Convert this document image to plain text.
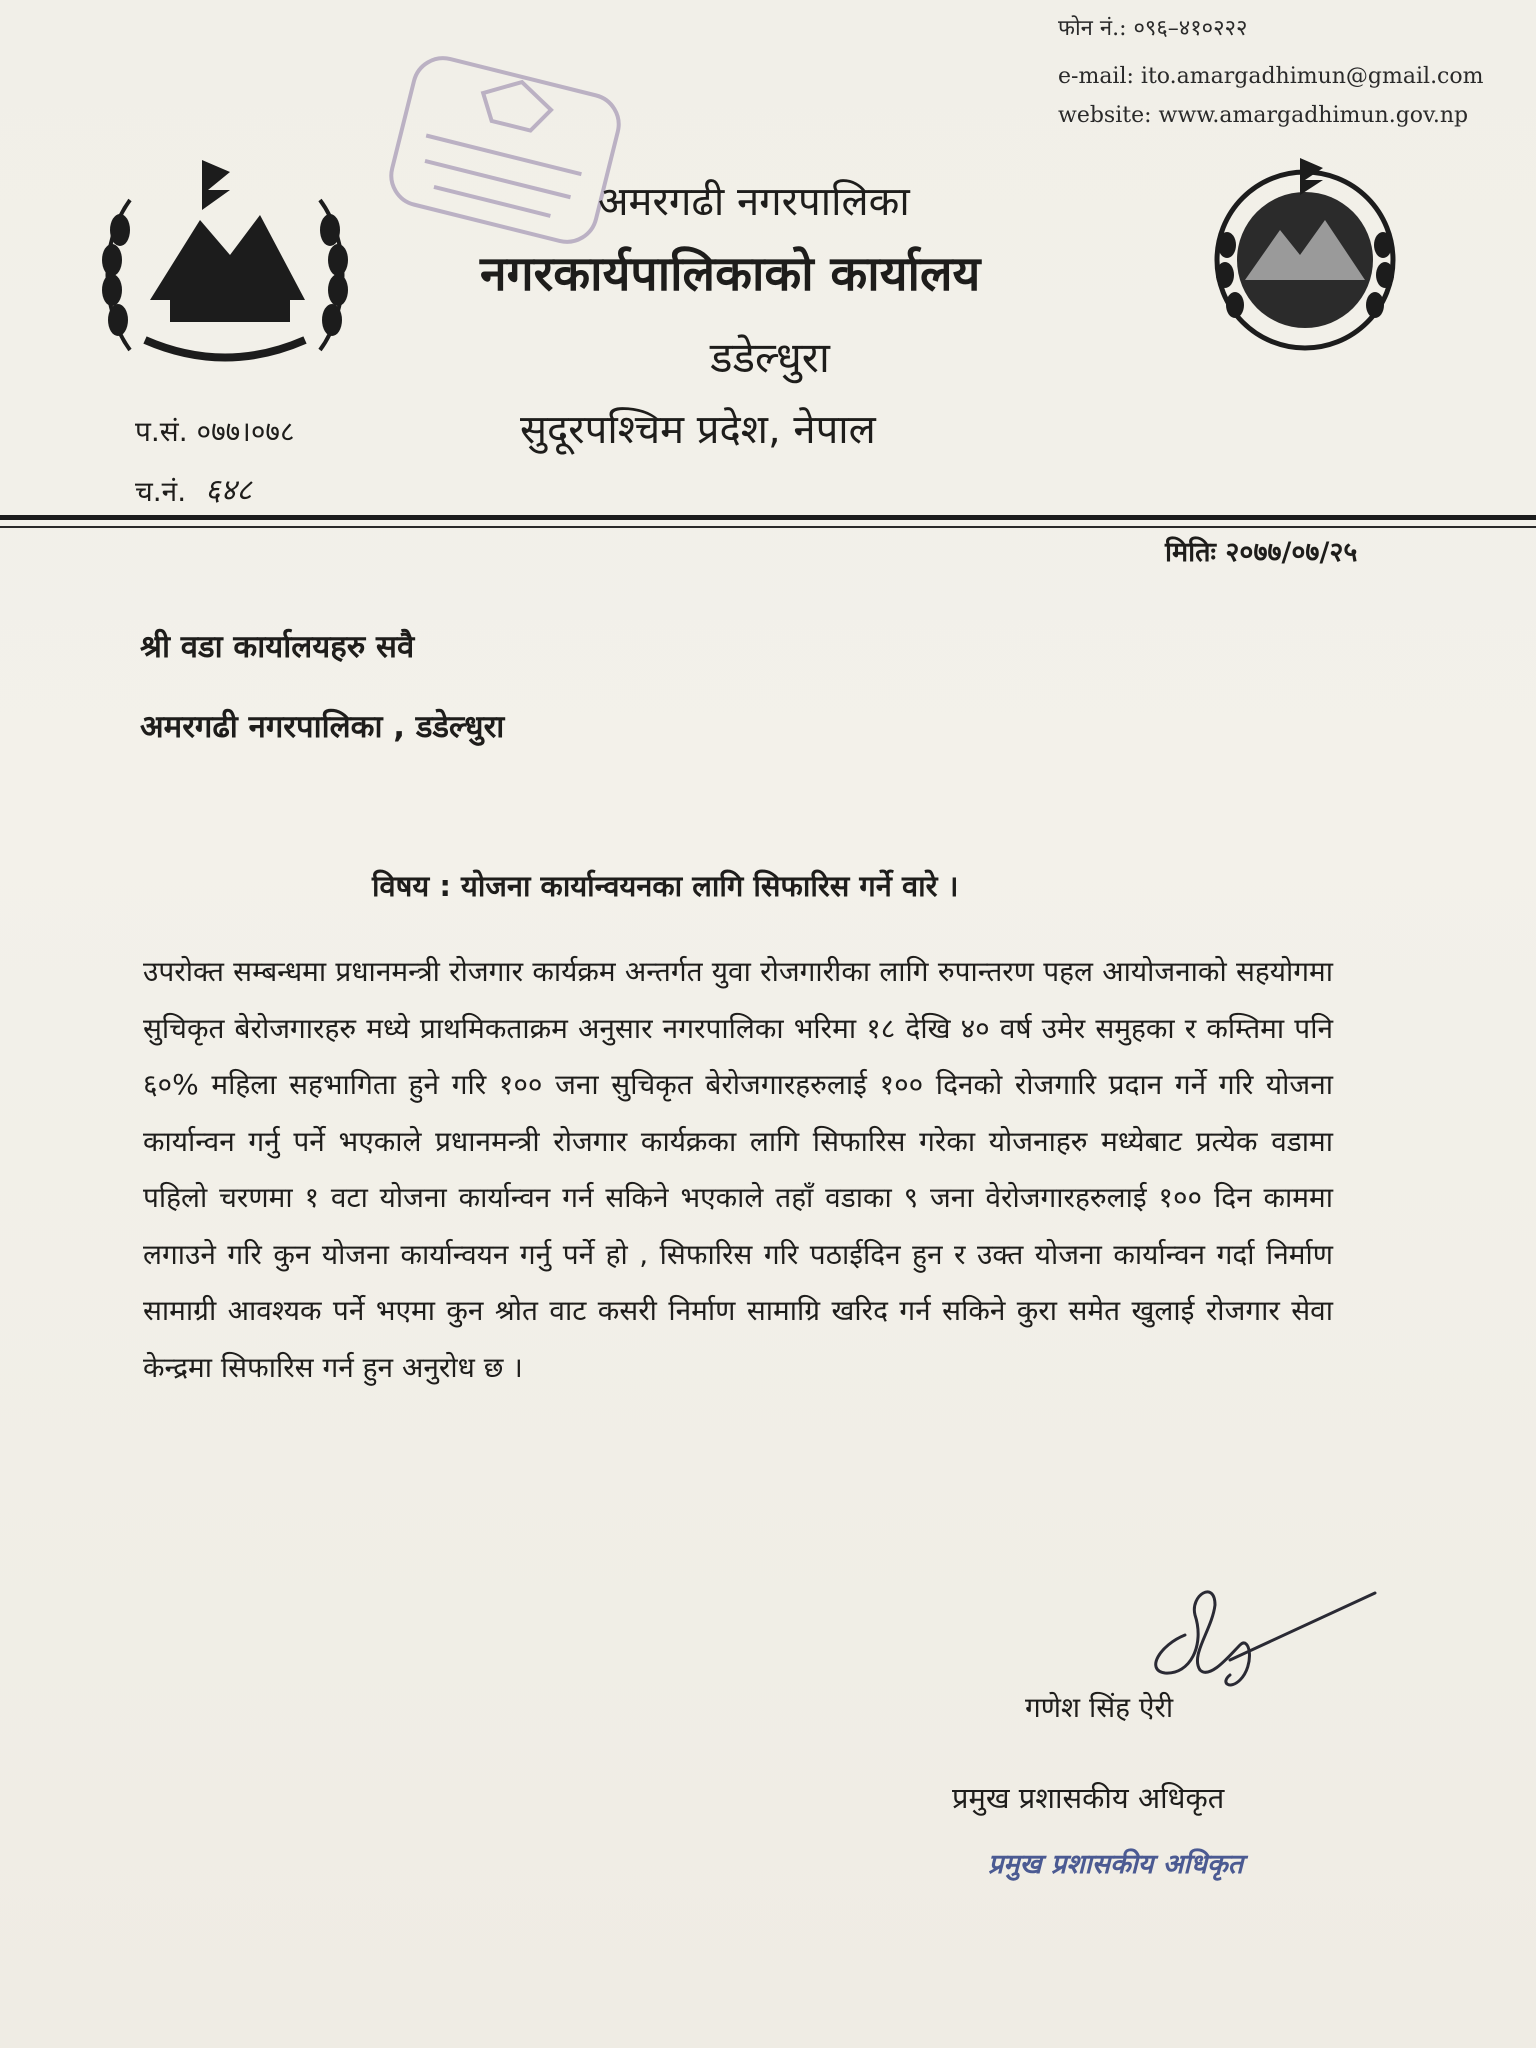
फोन नं.: ०९६–४१०२२२
e-mail: ito.amargadhimun@gmail.com
website: www.amargadhimun.gov.np
अमरगढी नगरपालिका
नगरकार्यपालिकाको कार्यालय
डडेल्धुरा
सुदूरपश्चिम प्रदेश, नेपाल
प.सं. ०७७।०७८
च.नं. ६४८
मितिः २०७७/०७/२५
श्री वडा कार्यालयहरु सवै
अमरगढी नगरपालिका , डडेल्धुरा
विषय : योजना कार्यान्वयनका लागि सिफारिस गर्ने वारे ।
उपरोक्त सम्बन्धमा प्रधानमन्त्री रोजगार कार्यक्रम अन्तर्गत युवा रोजगारीका लागि रुपान्तरण पहल आयोजनाको सहयोगमा सुचिकृत बेरोजगारहरु मध्ये प्राथमिकताक्रम अनुसार नगरपालिका भरिमा १८ देखि ४० वर्ष उमेर समुहका र कम्तिमा पनि ६०% महिला सहभागिता हुने गरि १०० जना सुचिकृत बेरोजगारहरुलाई १०० दिनको रोजगारि प्रदान गर्ने गरि योजना कार्यान्वन गर्नु पर्ने भएकाले प्रधानमन्त्री रोजगार कार्यक्रका लागि सिफारिस गरेका योजनाहरु मध्येबाट प्रत्येक वडामा पहिलो चरणमा १ वटा योजना कार्यान्वन गर्न सकिने भएकाले तहाँ वडाका ९ जना वेरोजगारहरुलाई १०० दिन काममा लगाउने गरि कुन योजना कार्यान्वयन गर्नु पर्ने हो , सिफारिस गरि पठाईदिन हुन र उक्त योजना कार्यान्वन गर्दा निर्माण सामाग्री आवश्यक पर्ने भएमा कुन श्रोत वाट कसरी निर्माण सामाग्रि खरिद गर्न सकिने कुरा समेत खुलाई रोजगार सेवा केन्द्रमा सिफारिस गर्न हुन अनुरोध छ ।
गणेश सिंह ऐरी
प्रमुख प्रशासकीय अधिकृत
प्रमुख प्रशासकीय अधिकृत
